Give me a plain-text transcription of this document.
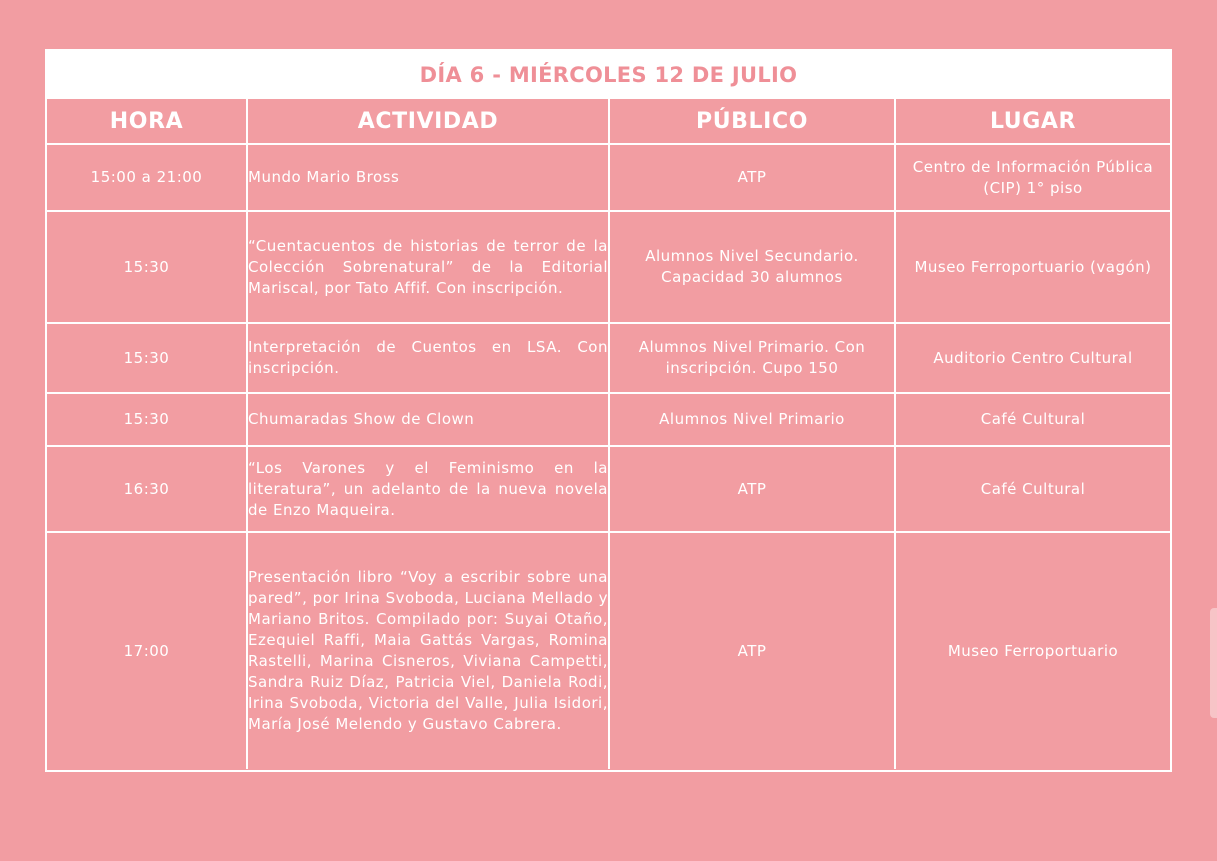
DÍA 6 - MIÉRCOLES 12 DE JULIO
HORA	ACTIVIDAD	PÚBLICO	LUGAR
15:00 a 21:00	Mundo Mario Bross	ATP	Centro de Información Pública (CIP) 1° piso
15:30	“Cuentacuentos de historias de terror de la Colección Sobrenatural” de la Editorial Mariscal, por Tato Affif. Con inscripción.	Alumnos Nivel Secundario. Capacidad 30 alumnos	Museo Ferroportuario (vagón)
15:30	Interpretación de Cuentos en LSA. Con inscripción.	Alumnos Nivel Primario. Con inscripción. Cupo 150	Auditorio Centro Cultural
15:30	Chumaradas Show de Clown	Alumnos Nivel Primario	Café Cultural
16:30	“Los Varones y el Feminismo en la literatura”, un adelanto de la nueva novela de Enzo Maqueira.	ATP	Café Cultural
17:00	Presentación libro “Voy a escribir sobre una pared”, por Irina Svoboda, Luciana Mellado y Mariano Britos. Compilado por: Suyai Otaño, Ezequiel Raffi, Maia Gattás Vargas, Romina Rastelli, Marina Cisneros, Viviana Campetti, Sandra Ruiz Díaz, Patricia Viel, Daniela Rodi, Irina Svoboda, Victoria del Valle, Julia Isidori, María José Melendo y Gustavo Cabrera.	ATP	Museo Ferroportuario
